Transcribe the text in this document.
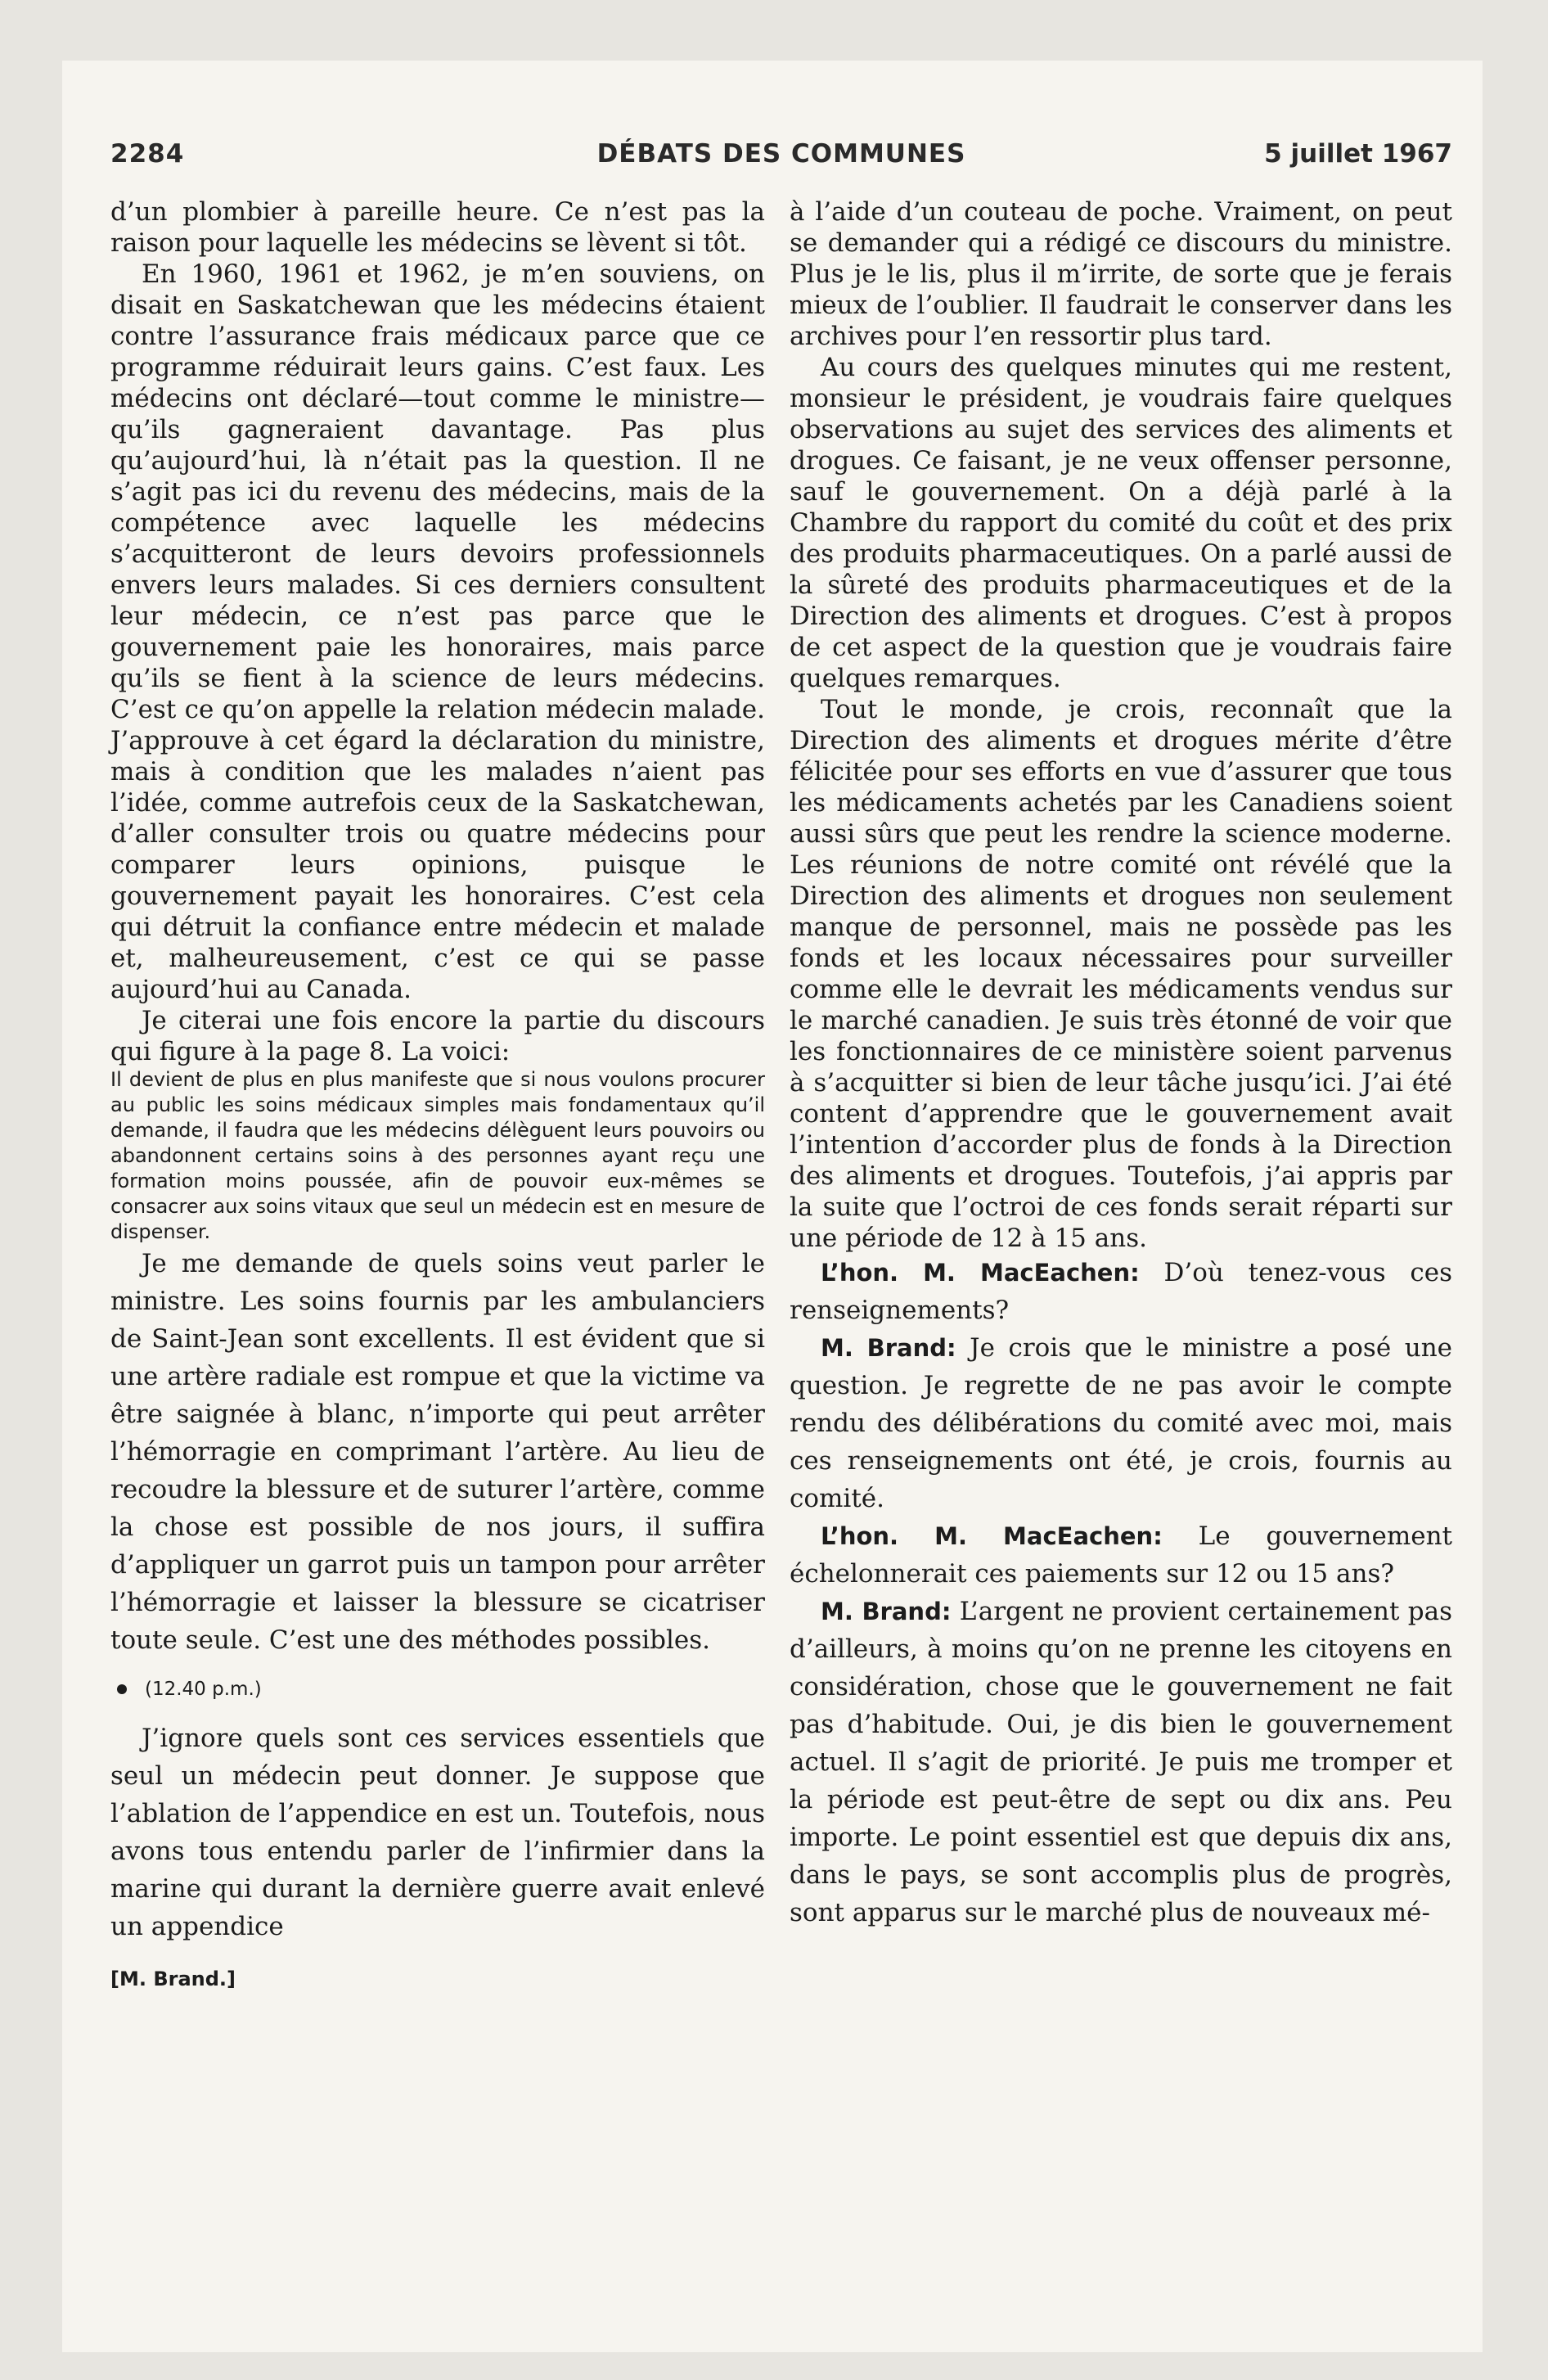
2284	DÉBATS DES COMMUNES	5 juillet 1967

d’un plombier à pareille heure. Ce n’est pas la raison pour laquelle les médecins se lèvent si tôt.

En 1960, 1961 et 1962, je m’en souviens, on disait en Saskatchewan que les médecins étaient contre l’assurance frais médicaux parce que ce programme réduirait leurs gains. C’est faux. Les médecins ont déclaré—tout comme le ministre—qu’ils gagneraient davantage. Pas plus qu’aujourd’hui, là n’était pas la question. Il ne s’agit pas ici du revenu des médecins, mais de la compétence avec laquelle les médecins s’acquitteront de leurs devoirs professionnels envers leurs malades. Si ces derniers consultent leur médecin, ce n’est pas parce que le gouvernement paie les honoraires, mais parce qu’ils se fient à la science de leurs médecins. C’est ce qu’on appelle la relation médecin malade. J’approuve à cet égard la déclaration du ministre, mais à condition que les malades n’aient pas l’idée, comme autrefois ceux de la Saskatchewan, d’aller consulter trois ou quatre médecins pour comparer leurs opinions, puisque le gouvernement payait les honoraires. C’est cela qui détruit la confiance entre médecin et malade et, malheureusement, c’est ce qui se passe aujourd’hui au Canada.

Je citerai une fois encore la partie du discours qui figure à la page 8. La voici:

Il devient de plus en plus manifeste que si nous voulons procurer au public les soins médicaux simples mais fondamentaux qu’il demande, il faudra que les médecins délèguent leurs pouvoirs ou abandonnent certains soins à des personnes ayant reçu une formation moins poussée, afin de pouvoir eux-mêmes se consacrer aux soins vitaux que seul un médecin est en mesure de dispenser.

Je me demande de quels soins veut parler le ministre. Les soins fournis par les ambulanciers de Saint-Jean sont excellents. Il est évident que si une artère radiale est rompue et que la victime va être saignée à blanc, n’importe qui peut arrêter l’hémorragie en comprimant l’artère. Au lieu de recoudre la blessure et de suturer l’artère, comme la chose est possible de nos jours, il suffira d’appliquer un garrot puis un tampon pour arrêter l’hémorragie et laisser la blessure se cicatriser toute seule. C’est une des méthodes possibles.

(12.40 p.m.)

J’ignore quels sont ces services essentiels que seul un médecin peut donner. Je suppose que l’ablation de l’appendice en est un. Toutefois, nous avons tous entendu parler de l’infirmier dans la marine qui durant la dernière guerre avait enlevé un appendice

[M. Brand.]

à l’aide d’un couteau de poche. Vraiment, on peut se demander qui a rédigé ce discours du ministre. Plus je le lis, plus il m’irrite, de sorte que je ferais mieux de l’oublier. Il faudrait le conserver dans les archives pour l’en ressortir plus tard.

Au cours des quelques minutes qui me restent, monsieur le président, je voudrais faire quelques observations au sujet des services des aliments et drogues. Ce faisant, je ne veux offenser personne, sauf le gouvernement. On a déjà parlé à la Chambre du rapport du comité du coût et des prix des produits pharmaceutiques. On a parlé aussi de la sûreté des produits pharmaceutiques et de la Direction des aliments et drogues. C’est à propos de cet aspect de la question que je voudrais faire quelques remarques.

Tout le monde, je crois, reconnaît que la Direction des aliments et drogues mérite d’être félicitée pour ses efforts en vue d’assurer que tous les médicaments achetés par les Canadiens soient aussi sûrs que peut les rendre la science moderne. Les réunions de notre comité ont révélé que la Direction des aliments et drogues non seulement manque de personnel, mais ne possède pas les fonds et les locaux nécessaires pour surveiller comme elle le devrait les médicaments vendus sur le marché canadien. Je suis très étonné de voir que les fonctionnaires de ce ministère soient parvenus à s’acquitter si bien de leur tâche jusqu’ici. J’ai été content d’apprendre que le gouvernement avait l’intention d’accorder plus de fonds à la Direction des aliments et drogues. Toutefois, j’ai appris par la suite que l’octroi de ces fonds serait réparti sur une période de 12 à 15 ans.

L’hon. M. MacEachen: D’où tenez-vous ces renseignements?

M. Brand: Je crois que le ministre a posé une question. Je regrette de ne pas avoir le compte rendu des délibérations du comité avec moi, mais ces renseignements ont été, je crois, fournis au comité.

L’hon. M. MacEachen: Le gouvernement échelonnerait ces paiements sur 12 ou 15 ans?

M. Brand: L’argent ne provient certainement pas d’ailleurs, à moins qu’on ne prenne les citoyens en considération, chose que le gouvernement ne fait pas d’habitude. Oui, je dis bien le gouvernement actuel. Il s’agit de priorité. Je puis me tromper et la période est peut-être de sept ou dix ans. Peu importe. Le point essentiel est que depuis dix ans, dans le pays, se sont accomplis plus de progrès, sont apparus sur le marché plus de nouveaux mé-
